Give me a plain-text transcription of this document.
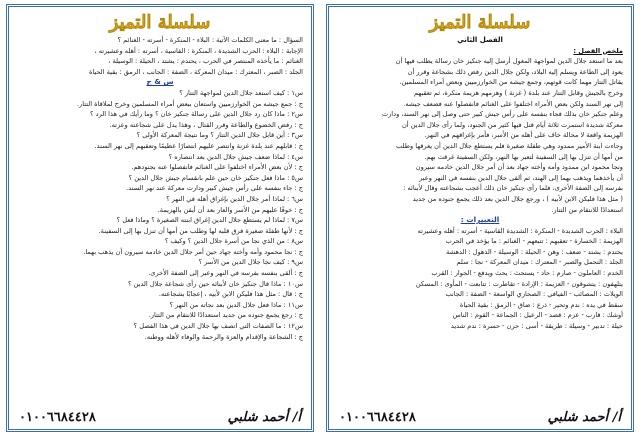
سلسلة التميز
السؤال : ما معنى الكلمات الآتية : البلاء - المنكرة - أسرته - الغنائم ؟
الإجابة : البلاء : الحرب الشديدة ، المنكرة : القاسية ، أسرته : أهله وعشيرته ،
الغنائم : ما يأخذه المنتصر في الحرب ، يحتدم : يشتد ، الحيلة : الوسيلة ،
الجلد : الصبر ، المعترك : ميدان المعركة ، الضفة : الجانب ، الرمق : بقية الحياة
س & ج
س١ : كيف استعد جلال الدين لمواجهة التتار ؟
ج : جمع جيشه من الخوارزميين واستعان ببعض أمراء المسلمين وخرج لملاقاة التتار.
س٢ : ماذا كان رد جلال الدين على رسالة جنكيز خان ؟ وما رأيك في هذا الرد ؟
ج : رفض الخضوع والطاعة وقرر القتال ، وهذا يدل على شجاعته وعزته.
س٣ : أين قابل جلال الدين التتار ؟ وما نتيجة المعركة الأولى ؟
ج : قابلهم عند بلدة غزنة وانتصر عليهم انتصارًا عظيمًا وتعقبهم إلى نهر السند.
س٤ : لماذا ضعف جيش جلال الدين بعد انتصاره ؟
ج : لأن بعض الأمراء اختلفوا على الغنائم فانفصلوا عنه بجنودهم.
س٥ : ماذا فعل جنكيز خان حين علم بانقسام جيش جلال الدين ؟
ج : جاء بنفسه على رأس جيش كبير ودارت معركة عند نهر السند.
س٦ : لماذا أمر جلال الدين بإغراق أهله في النهر ؟
ج : خوفًا عليهم من الأسر والعار بعد أن أيقن بالهزيمة.
س٧ : لماذا لم يستطع جلال الدين إغراق ابنته الصغيرة ؟ وماذا فعل ؟
ج : لأنها طفلة صغيرة فرق قلبه لها وطلب من أمها أن تنزل بها إلى السفينة.
س٨ : من الذي نجا من أسرة جلال الدين ؟ وكيف ؟
ج : نجا محمود وأمه وأخته جهاد حين أمر جلال الدين خادمه سيرون أن يذهب بهما.
س٩ : كيف نجا جلال الدين من الأسر ؟
ج : ألقى بنفسه بفرسه في النهر وعبر إلى الضفة الأخرى.
س١٠ : ماذا قال جنكيز خان لأبنائه حين رأى شجاعة جلال الدين ؟
ج : قال : مثل هذا فليكن الابن لأبيه ، إعجابًا بشجاعته.
س١١ : ماذا فعل جلال الدين بعد نجاته من النهر ؟
ج : رجع يجمع جنوده من جديد استعدادًا للانتقام من التتار.
س١٢ : ما الصفات التي اتصف بها جلال الدين في هذا الفصل ؟
ج : الشجاعة والإقدام والعزة والرحمة والوفاء لأهله ووطنه.
٠١٠٠٦٦٨٤٤٢٨	أ/ أحمد شلبي
سلسلة التميز
الفصل الثاني
ملخص الفصل :
بعد ما استعد جلال الدين لمواجهة المغول أرسل إليه جنكيز خان رسالة يطلب فيها أن
يعود إلى الطاعة ويسلم إليه البلاد، ولكن جلال الدين رفض ذلك بشجاعة وقرر أن
يقاتل التتار مهما كانت قوتهم، وجمع جيشه من الخوارزميين وبعض أمراء المسلمين.
وخرج بالجيش وقابل التتار عند بلدة ( غزنة ) وهزمهم هزيمة منكرة، ثم تعقبهم
إلى نهر السند ولكن بعض الأمراء اختلفوا على الغنائم فانفصلوا عنه فضعف جيشه.
وعلم جنكيز خان بذلك فجاء بنفسه على رأس جيش كبير حتى وصل إلى نهر السند، ودارت
معركة شديدة استمرت ثلاثة أيام قتل فيها كثير من الجنود، ولما رأى جلال الدين أن
الهزيمة واقعة لا محالة خاف على أهله من الأسر، فأمر بإغراقهم في النهر.
وجاءت ابنة الأمير ممدود وهي طفلة صغيرة فلم يستطع جلال الدين أن يغرقها وطلب
من أمها أن تنزل بها إلى السفينة لتعبر بها النهر، ولكن السفينة غرقت بهم.
ونجا محمود ابن ممدود وأمه وأخته جهاد بعد أن أمر جلال الدين خادمه سيرون
أن يأخذهما ويذهب بهما إلى الهند، ثم ألقى جلال الدين بنفسه في النهر وعبر
بفرسه إلى الضفة الأخرى، فلما رأى جنكيز خان ذلك أعجب بشجاعته وقال لأبنائه :
( مثل هذا فليكن الابن لأبيه ) ، ورجع جلال الدين بعد ذلك يجمع جنوده من جديد
استعدادًا للانتقام من التتار.
التعبيرات :
البلاء : الحرب الشديدة - المنكرة : الشديدة القاسية - أسرته : أهله وعشيرته
الهزيمة : الخسارة - تعقبهم : تتبعهم - الغنائم : ما يؤخذ في الحرب
يحتدم : يشتد - ضعف : وهن - الحيلة : الوسيلة - الذهول : الدهشة
الجلد : التحمل والصبر - المعترك : ميدان المعركة - نجا : سلم
الخدم : العاملون - صارم : حاد - يستحث : يحث ويدفع - الجوار : القرب
يتلهفون : يتشوقون - العزيمة : الإرادة - تقاطرت : تتابعت - المأوى : المسكن
الويلات : المصائب - الفيافي : الصحاري الواسعة - الضفة : الجانب
سقط في يده : ندم وتحير - ذرع : ضاق - الرمق : بقية الحياة
أوشك : قارب - عزم : قصد - الرعيل : الجماعة - القوم : الناس
حيلة : تدبير - وسيلة : طريقة - أسى : حزن - حسرة : ندم شديد
٠١٠٠٦٦٨٤٤٢٨	أ/ أحمد شلبي
